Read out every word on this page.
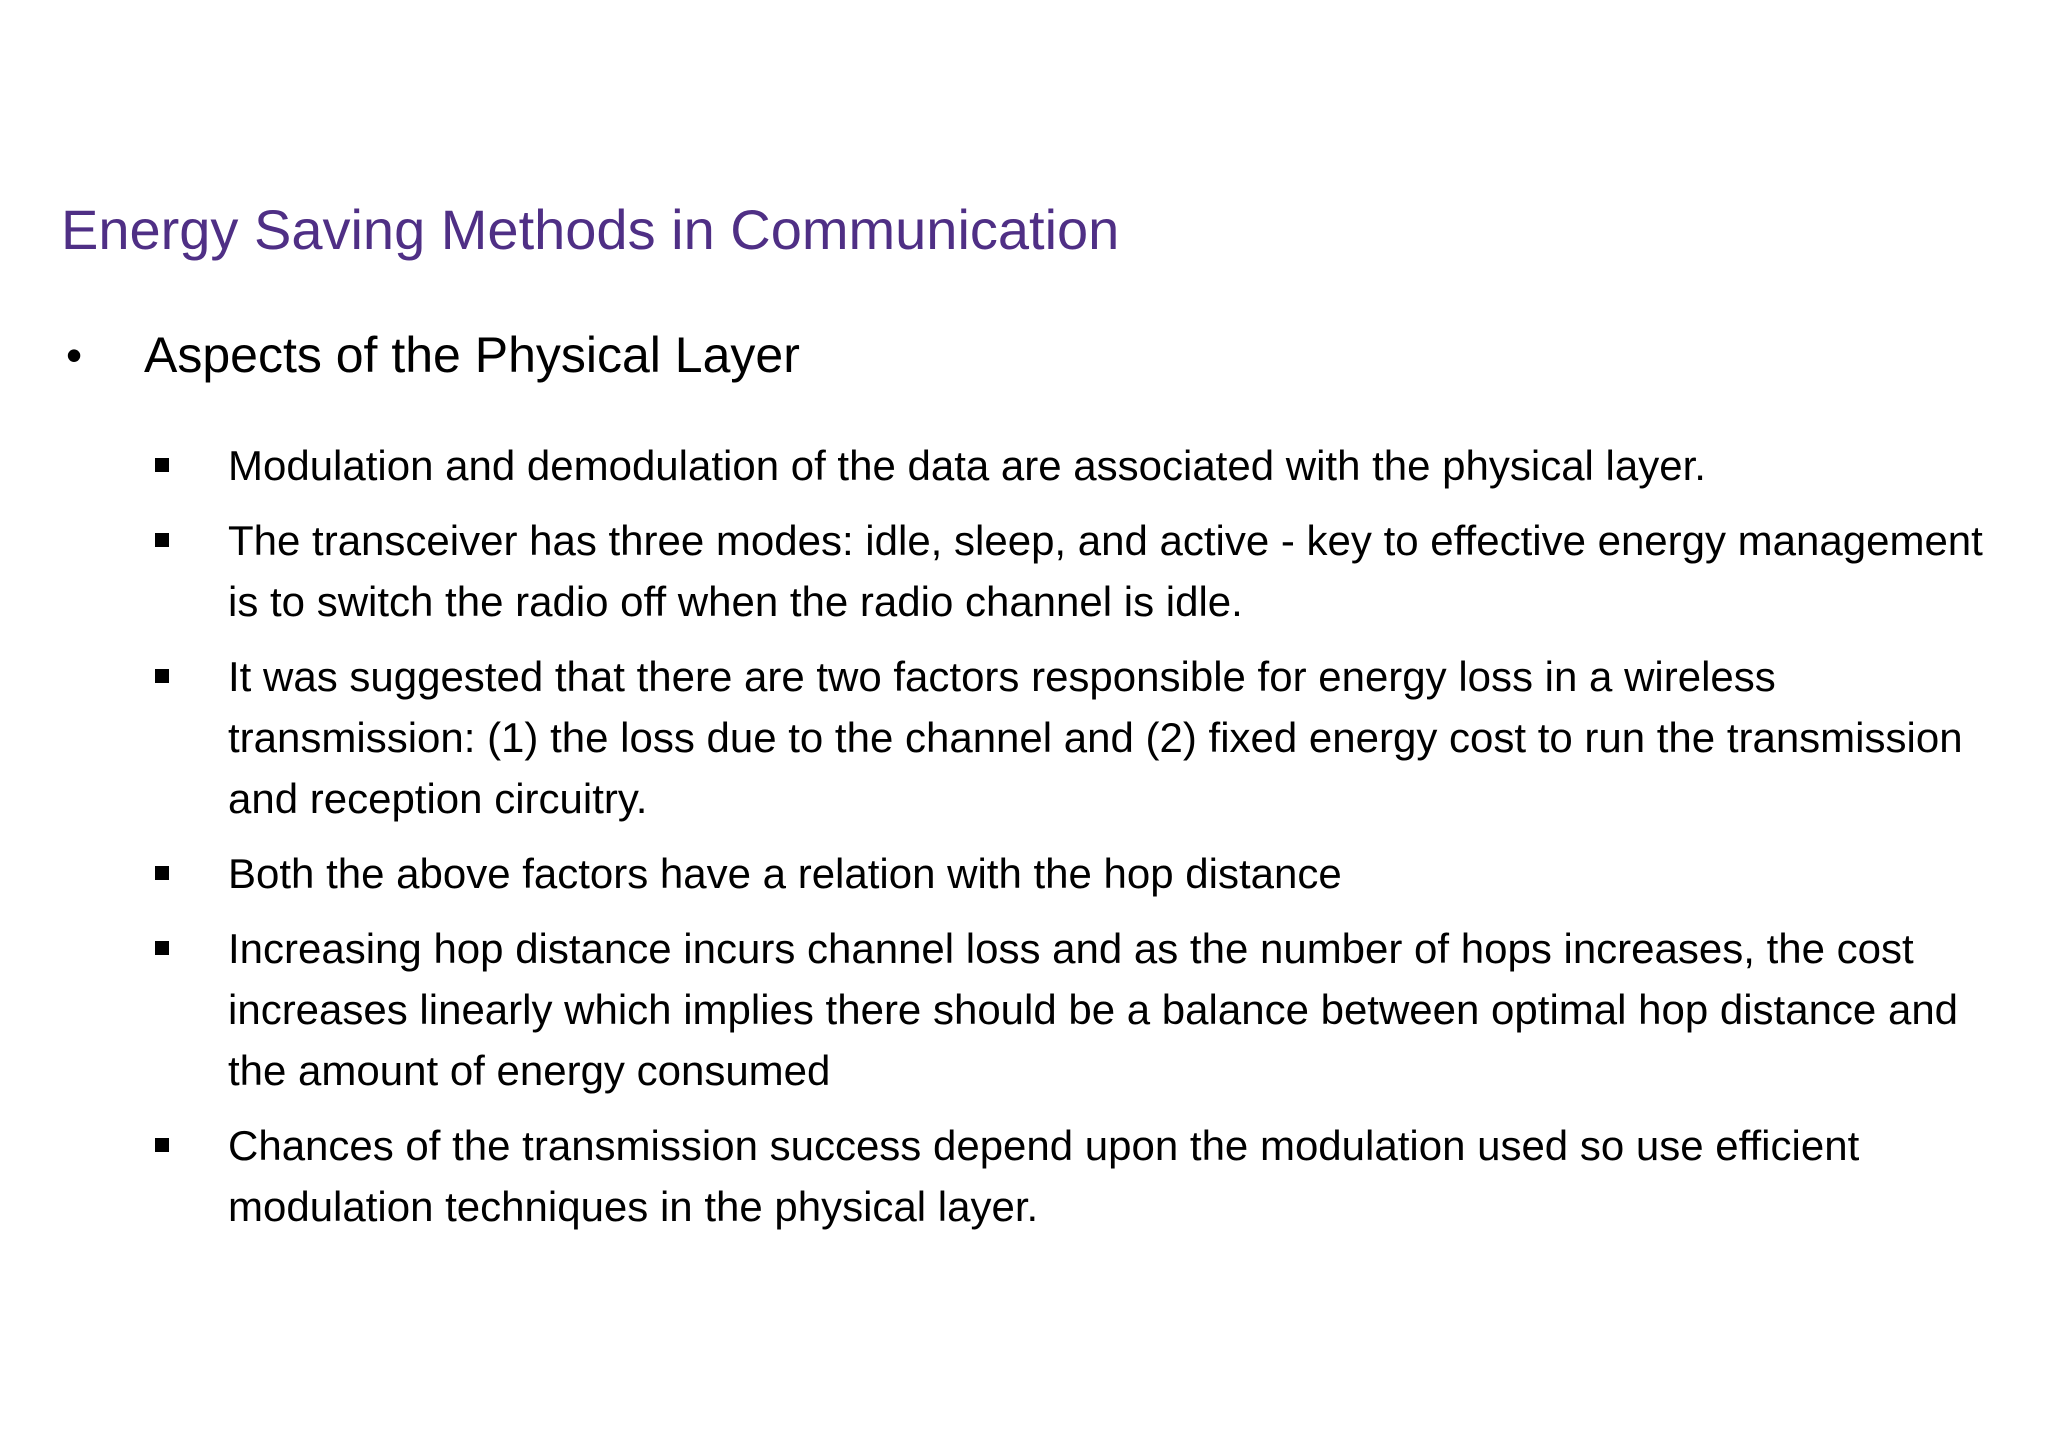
Energy Saving Methods in Communication
• Aspects of the Physical Layer
Modulation and demodulation of the data are associated with the physical layer.
The transceiver has three modes: idle, sleep, and active - key to effective energy management is to switch the radio off when the radio channel is idle.
It was suggested that there are two factors responsible for energy loss in a wireless transmission: (1) the loss due to the channel and (2) fixed energy cost to run the transmission and reception circuitry.
Both the above factors have a relation with the hop distance
Increasing hop distance incurs channel loss and as the number of hops increases, the cost increases linearly which implies there should be a balance between optimal hop distance and the amount of energy consumed
Chances of the transmission success depend upon the modulation used so use efficient modulation techniques in the physical layer.
